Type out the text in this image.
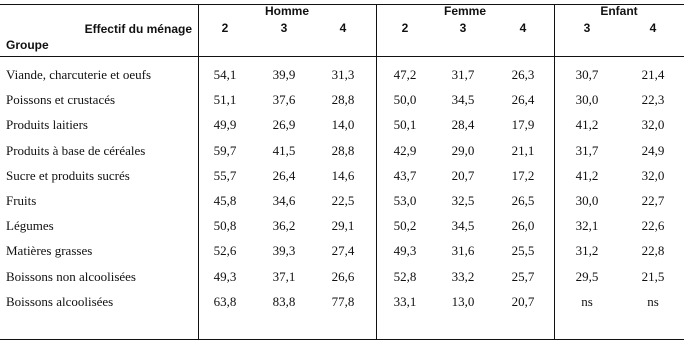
Effectif du ménage
Groupe
Homme
2	3	4
Femme
2	3	4
Enfant
3	4
Viande, charcuterie et oeufs	54,1	39,9	31,3	47,2	31,7	26,3	30,7	21,4
Poissons et crustacés	51,1	37,6	28,8	50,0	34,5	26,4	30,0	22,3
Produits laitiers	49,9	26,9	14,0	50,1	28,4	17,9	41,2	32,0
Produits à base de céréales	59,7	41,5	28,8	42,9	29,0	21,1	31,7	24,9
Sucre et produits sucrés	55,7	26,4	14,6	43,7	20,7	17,2	41,2	32,0
Fruits	45,8	34,6	22,5	53,0	32,5	26,5	30,0	22,7
Légumes	50,8	36,2	29,1	50,2	34,5	26,0	32,1	22,6
Matières grasses	52,6	39,3	27,4	49,3	31,6	25,5	31,2	22,8
Boissons non alcoolisées	49,3	37,1	26,6	52,8	33,2	25,7	29,5	21,5
Boissons alcoolisées	63,8	83,8	77,8	33,1	13,0	20,7	ns	ns
